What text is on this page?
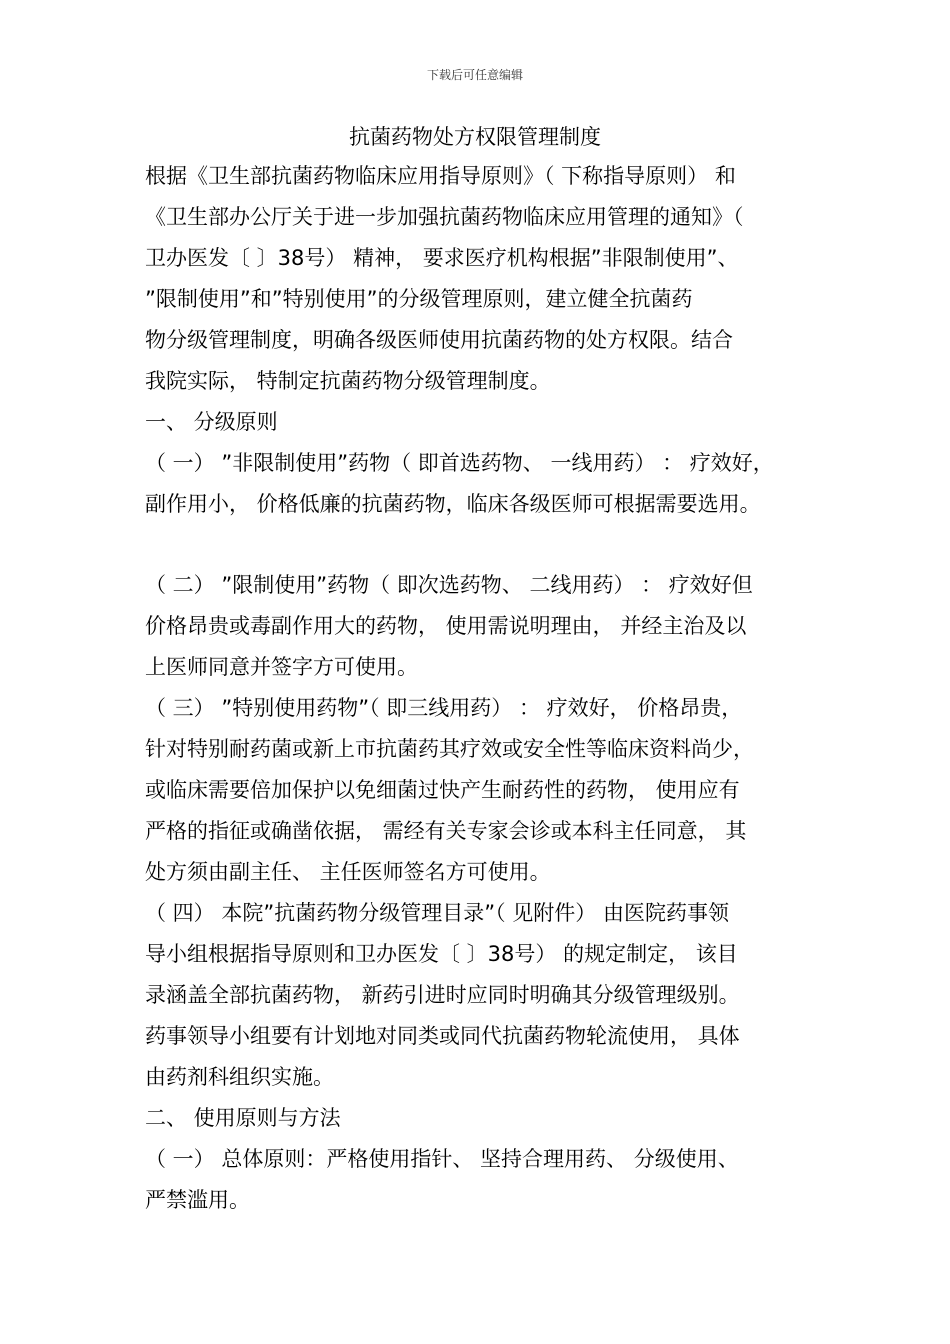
下载后可任意编辑
抗菌药物处方权限管理制度
根据《卫生部抗菌药物临床应用指导原则》（ 下称指导原则） 和
《卫生部办公厅关于进一步加强抗菌药物临床应用管理的通知》（
卫办医发〔 〕38号） 精神， 要求医疗机构根据”非限制使用”、
”限制使用”和”特别使用”的分级管理原则，建立健全抗菌药
物分级管理制度，明确各级医师使用抗菌药物的处方权限。结合
我院实际， 特制定抗菌药物分级管理制度。
一、 分级原则
（ 一） ”非限制使用”药物（ 即首选药物、 一线用药） ： 疗效好，
副作用小， 价格低廉的抗菌药物，临床各级医师可根据需要选用。
（ 二） ”限制使用”药物（ 即次选药物、 二线用药） ： 疗效好但
价格昂贵或毒副作用大的药物， 使用需说明理由， 并经主治及以
上医师同意并签字方可使用。
（ 三） ”特别使用药物”（ 即三线用药） ： 疗效好， 价格昂贵，
针对特别耐药菌或新上市抗菌药其疗效或安全性等临床资料尚少，
或临床需要倍加保护以免细菌过快产生耐药性的药物， 使用应有
严格的指征或确凿依据， 需经有关专家会诊或本科主任同意， 其
处方须由副主任、 主任医师签名方可使用。
（ 四） 本院”抗菌药物分级管理目录”（ 见附件） 由医院药事领
导小组根据指导原则和卫办医发〔 〕38号） 的规定制定， 该目
录涵盖全部抗菌药物， 新药引进时应同时明确其分级管理级别。
药事领导小组要有计划地对同类或同代抗菌药物轮流使用， 具体
由药剂科组织实施。
二、 使用原则与方法
（ 一） 总体原则：严格使用指针、 坚持合理用药、 分级使用、
严禁滥用。
